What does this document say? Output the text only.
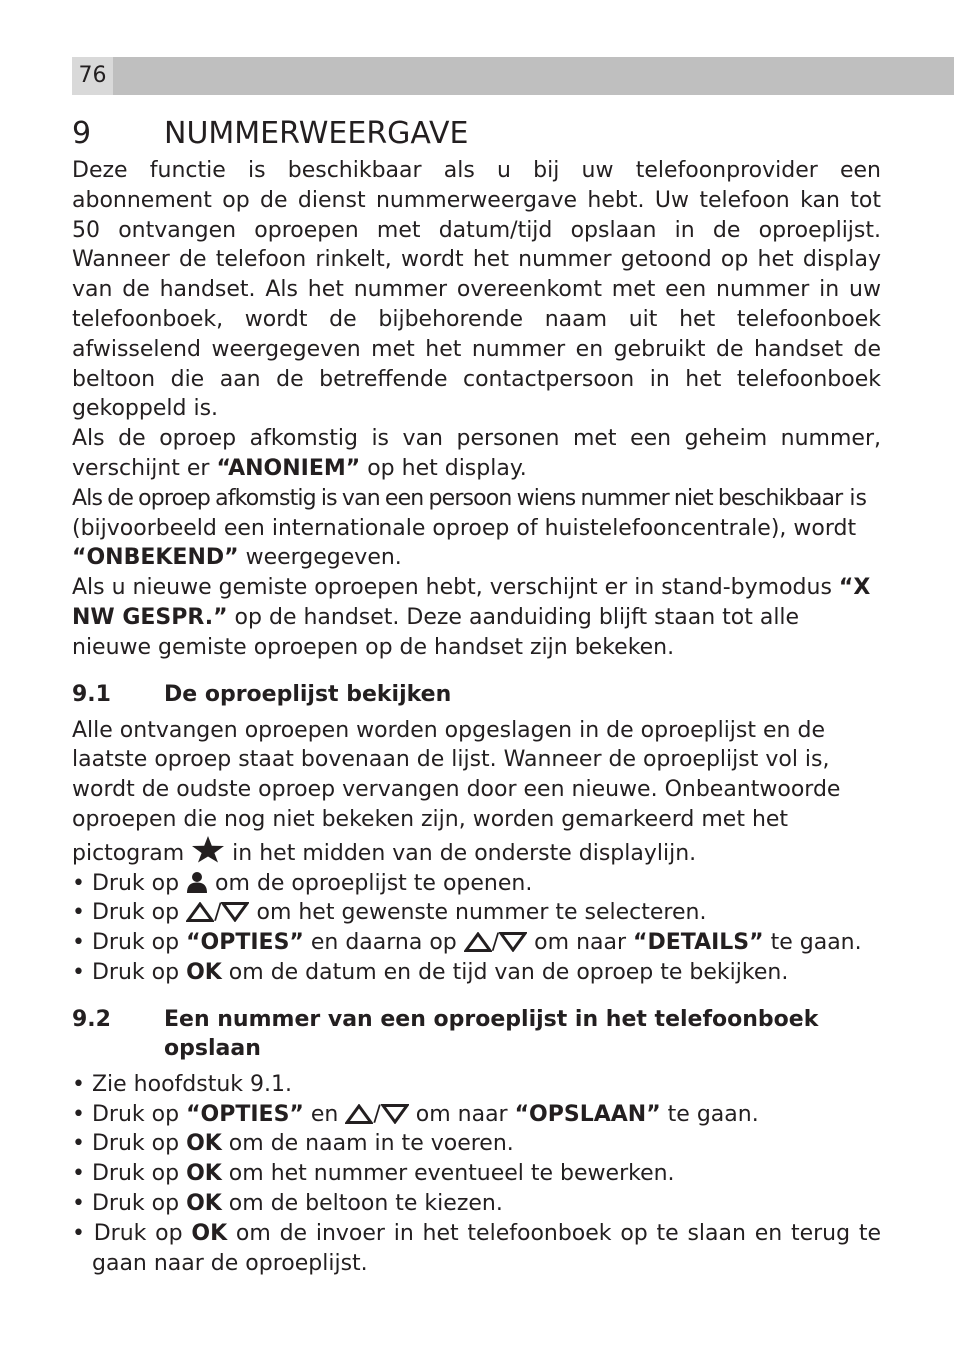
76
9	NUMMERWEERGAVE

Deze functie is beschikbaar als u bij uw telefoonprovider een abonnement op de dienst nummerweergave hebt. Uw telefoon kan tot 50 ontvangen oproepen met datum/tijd opslaan in de oproeplijst. Wanneer de telefoon rinkelt, wordt het nummer getoond op het display van de handset. Als het nummer overeenkomt met een nummer in uw telefoonboek, wordt de bijbehorende naam uit het telefoonboek afwisselend weergegeven met het nummer en gebruikt de handset de beltoon die aan de betreffende contactpersoon in het telefoonboek gekoppeld is.

Als de oproep afkomstig is van personen met een geheim nummer, verschijnt er “ANONIEM” op het display.

Als de oproep afkomstig is van een persoon wiens nummer niet beschikbaar is (bijvoorbeeld een internationale oproep of huistelefooncentrale), wordt “ONBEKEND” weergegeven.

Als u nieuwe gemiste oproepen hebt, verschijnt er in stand-bymodus “X NW GESPR.” op de handset. Deze aanduiding blijft staan tot alle nieuwe gemiste oproepen op de handset zijn bekeken.

9.1	De oproeplijst bekijken

Alle ontvangen oproepen worden opgeslagen in de oproeplijst en de laatste oproep staat bovenaan de lijst. Wanneer de oproeplijst vol is, wordt de oudste oproep vervangen door een nieuwe. Onbeantwoorde oproepen die nog niet bekeken zijn, worden gemarkeerd met het pictogram
in het midden van de onderste displaylijn.

• Druk op
om de oproeplijst te openen.
• Druk op
/
om het gewenste nummer te selecteren.
• Druk op “OPTIES” en daarna op
/
om naar “DETAILS” te gaan.
• Druk op OK om de datum en de tijd van de oproep te bekijken.
9.2	Een nummer van een oproeplijst in het telefoonboek opslaan
• Zie hoofdstuk 9.1.
• Druk op “OPTIES” en
/
om naar “OPSLAAN” te gaan.
• Druk op OK om de naam in te voeren.
• Druk op OK om het nummer eventueel te bewerken.
• Druk op OK om de beltoon te kiezen.
• Druk op OK om de invoer in het telefoonboek op te slaan en terug te gaan naar de oproeplijst.
